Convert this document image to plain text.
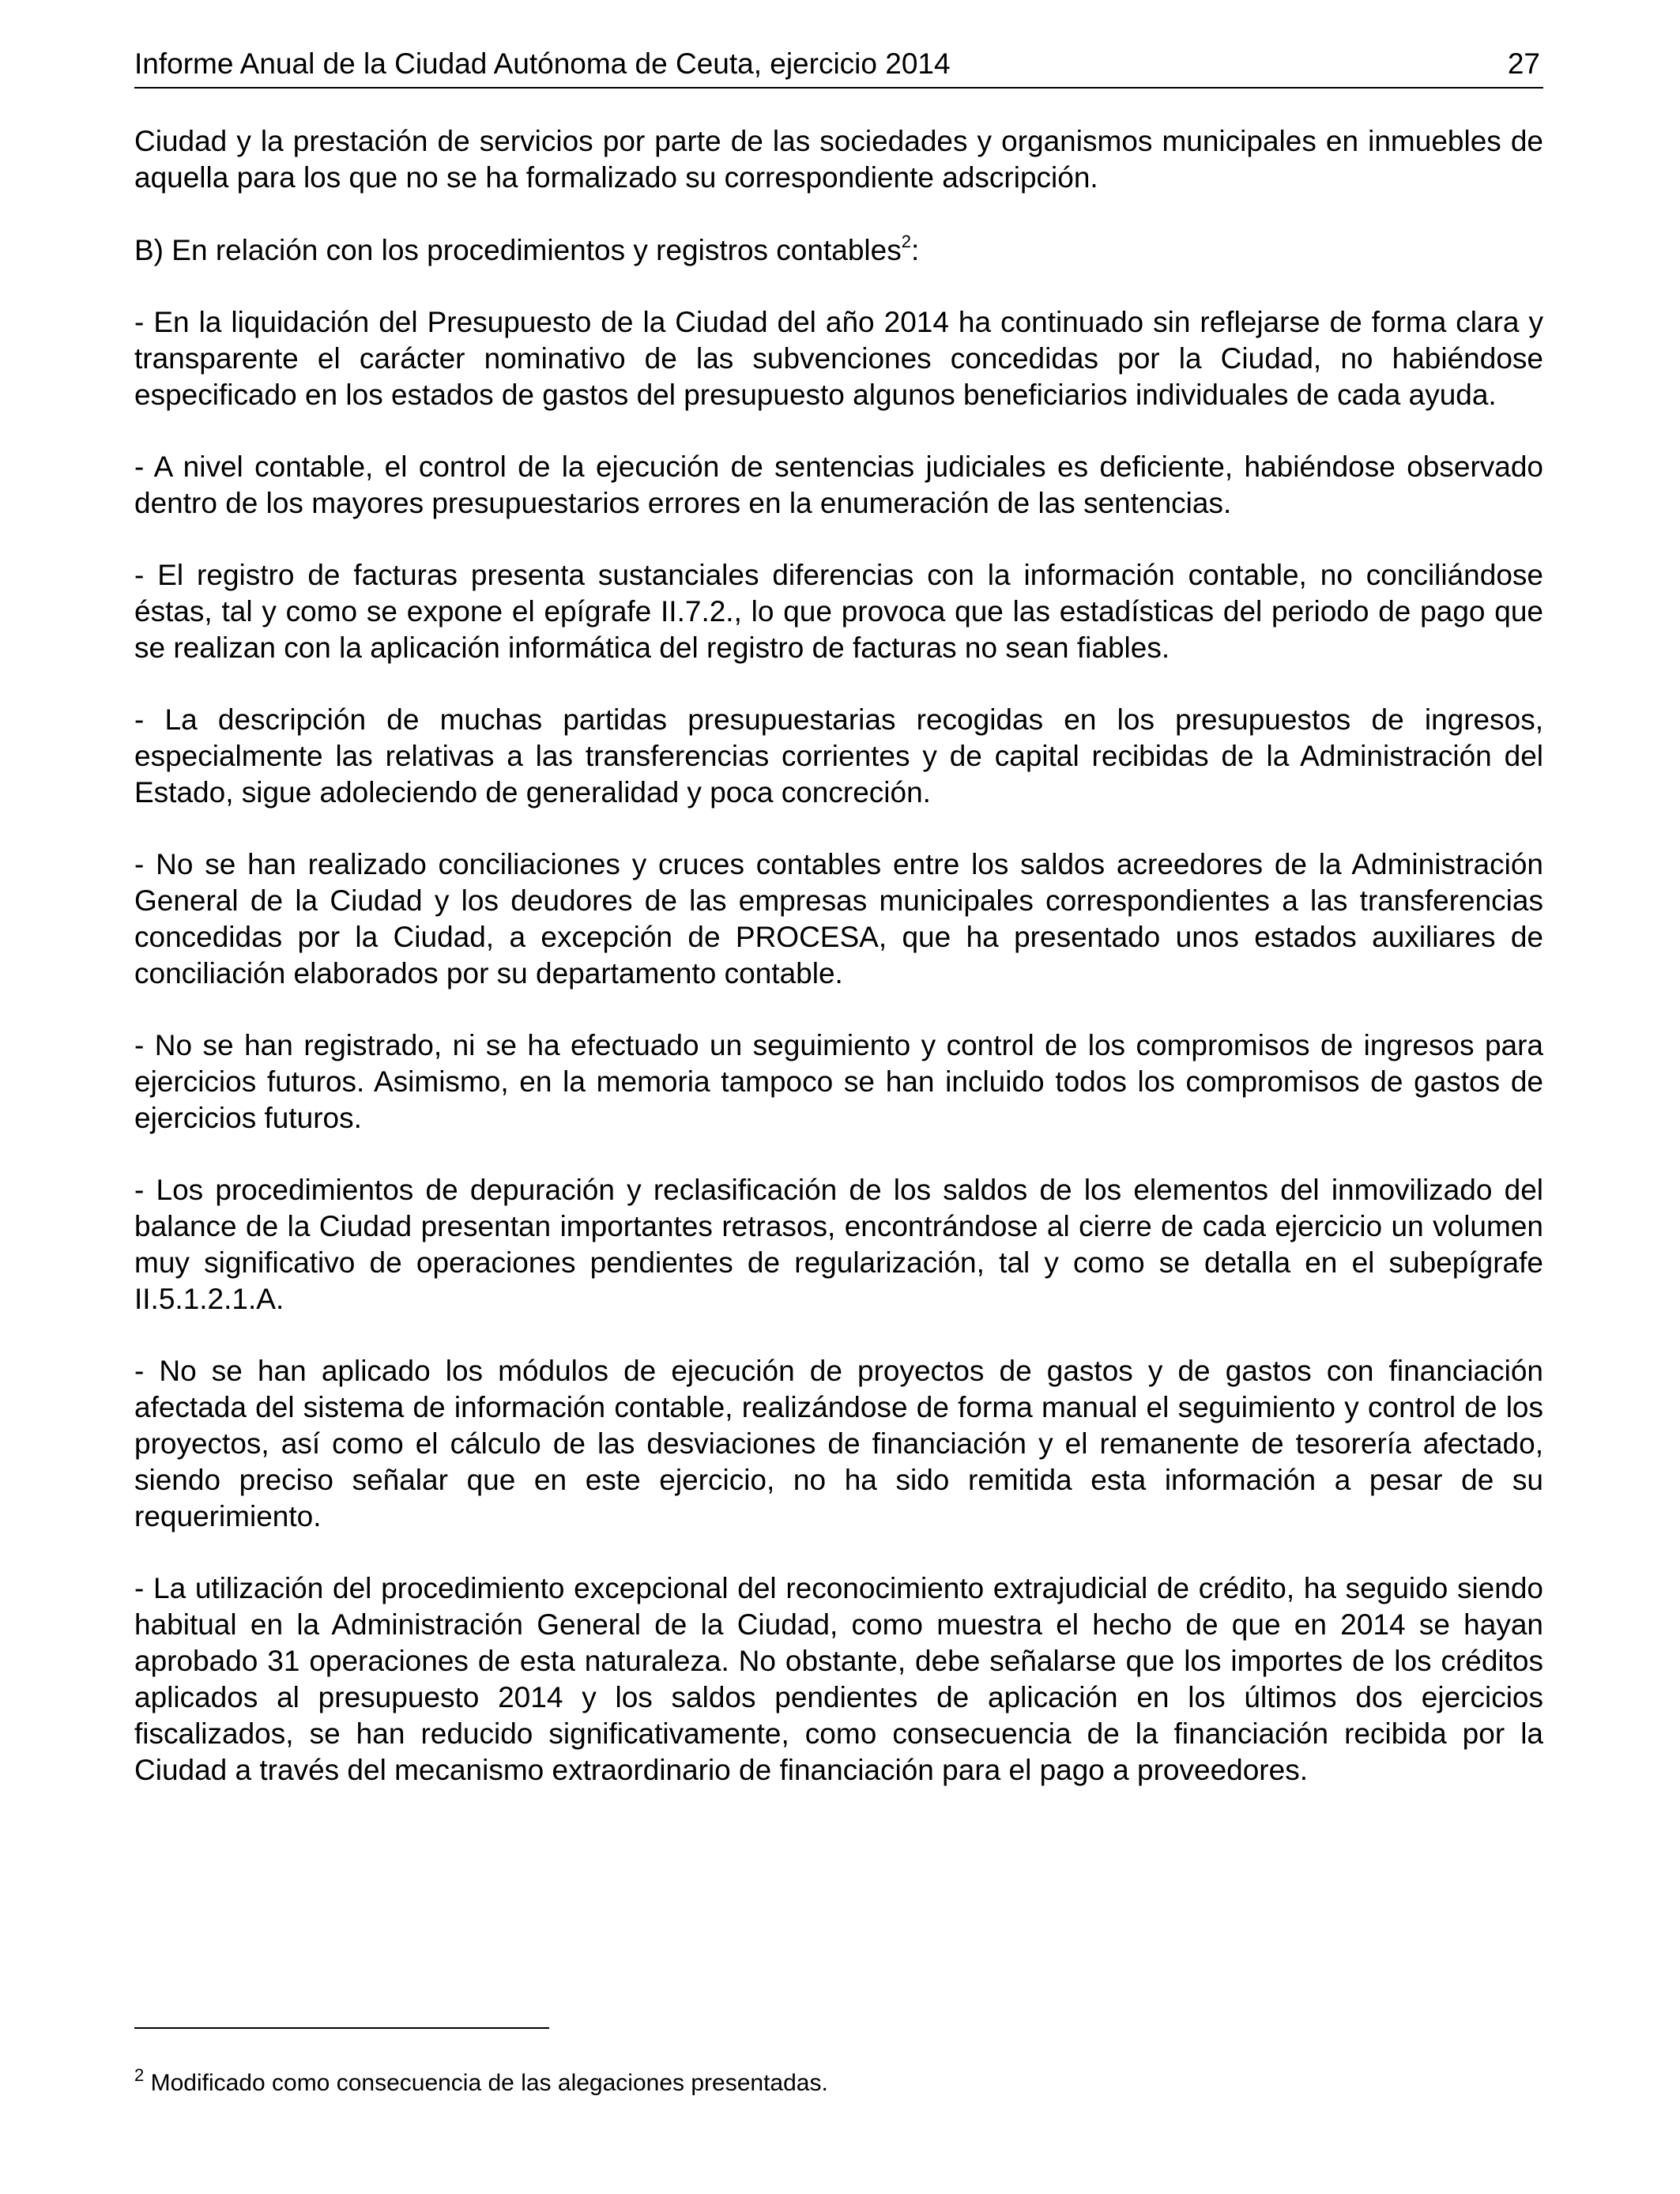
Informe Anual de la Ciudad Autónoma de Ceuta, ejercicio 2014	27

Ciudad y la prestación de servicios por parte de las sociedades y organismos municipales en inmuebles de aquella para los que no se ha formalizado su correspondiente adscripción.

B) En relación con los procedimientos y registros contables$^2$:

- En la liquidación del Presupuesto de la Ciudad del año 2014 ha continuado sin reflejarse de forma clara y transparente el carácter nominativo de las subvenciones concedidas por la Ciudad, no habiéndose especificado en los estados de gastos del presupuesto algunos beneficiarios individuales de cada ayuda.

- A nivel contable, el control de la ejecución de sentencias judiciales es deficiente, habiéndose observado dentro de los mayores presupuestarios errores en la enumeración de las sentencias.

- El registro de facturas presenta sustanciales diferencias con la información contable, no conciliándose éstas, tal y como se expone el epígrafe II.7.2., lo que provoca que las estadísticas del periodo de pago que se realizan con la aplicación informática del registro de facturas no sean fiables.

- La descripción de muchas partidas presupuestarias recogidas en los presupuestos de ingresos, especialmente las relativas a las transferencias corrientes y de capital recibidas de la Administración del Estado, sigue adoleciendo de generalidad y poca concreción.

- No se han realizado conciliaciones y cruces contables entre los saldos acreedores de la Administración General de la Ciudad y los deudores de las empresas municipales correspondientes a las transferencias concedidas por la Ciudad, a excepción de PROCESA, que ha presentado unos estados auxiliares de conciliación elaborados por su departamento contable.

- No se han registrado, ni se ha efectuado un seguimiento y control de los compromisos de ingresos para ejercicios futuros. Asimismo, en la memoria tampoco se han incluido todos los compromisos de gastos de ejercicios futuros.

- Los procedimientos de depuración y reclasificación de los saldos de los elementos del inmovilizado del balance de la Ciudad presentan importantes retrasos, encontrándose al cierre de cada ejercicio un volumen muy significativo de operaciones pendientes de regularización, tal y como se detalla en el subepígrafe II.5.1.2.1.A.

- No se han aplicado los módulos de ejecución de proyectos de gastos y de gastos con financiación afectada del sistema de información contable, realizándose de forma manual el seguimiento y control de los proyectos, así como el cálculo de las desviaciones de financiación y el remanente de tesorería afectado, siendo preciso señalar que en este ejercicio, no ha sido remitida esta información a pesar de su requerimiento.

- La utilización del procedimiento excepcional del reconocimiento extrajudicial de crédito, ha seguido siendo habitual en la Administración General de la Ciudad, como muestra el hecho de que en 2014 se hayan aprobado 31 operaciones de esta naturaleza. No obstante, debe señalarse que los importes de los créditos aplicados al presupuesto 2014 y los saldos pendientes de aplicación en los últimos dos ejercicios fiscalizados, se han reducido significativamente, como consecuencia de la financiación recibida por la Ciudad a través del mecanismo extraordinario de financiación para el pago a proveedores.

$^2$ Modificado como consecuencia de las alegaciones presentadas.
